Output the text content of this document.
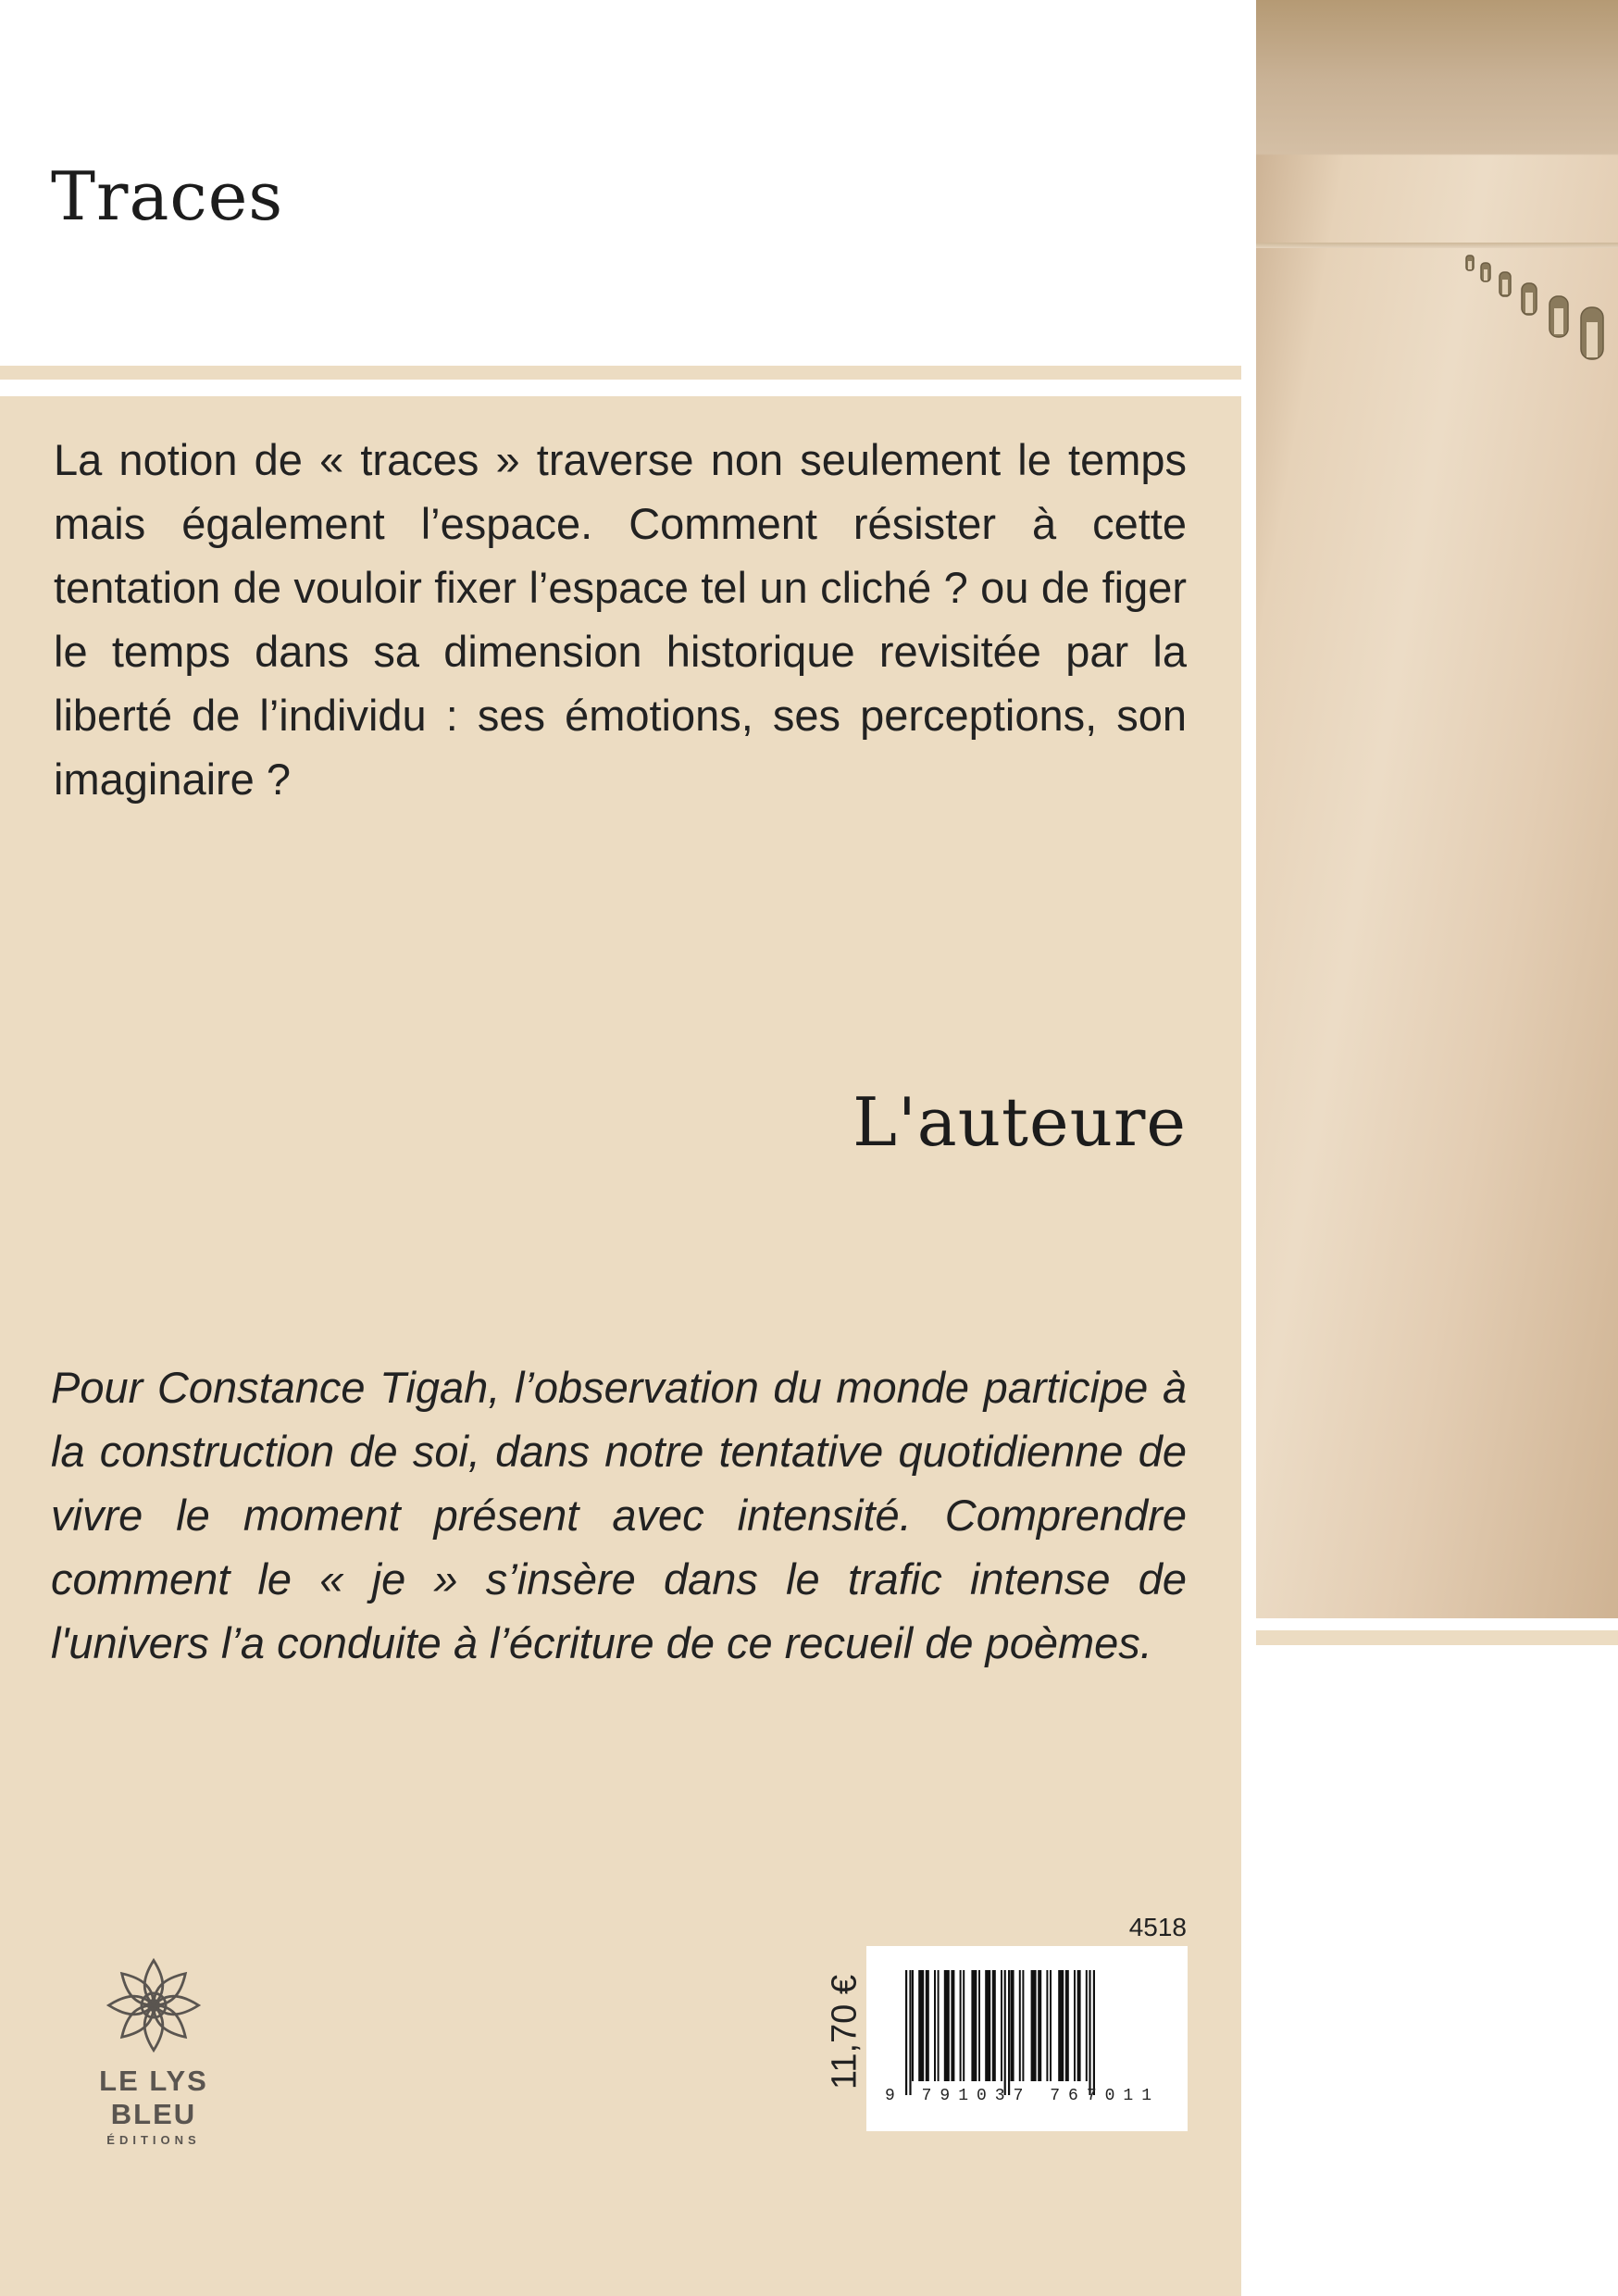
Traces

La notion de « traces » traverse non seulement le temps mais également l’espace. Comment résister à cette tentation de vouloir fixer l’espace tel un cliché ? ou de figer le temps dans sa dimension historique revisitée par la liberté de l’individu : ses émotions, ses perceptions, son imaginaire ?

L'auteure

Pour Constance Tigah, l’observation du monde participe à la construction de soi, dans notre tentative quotidienne de vivre le moment présent avec intensité. Comprendre comment le « je » s’insère dans le trafic intense de l'univers l’a conduite à l’écriture de ce recueil de poèmes.

LE LYS BLEU
ÉDITIONS
4518
11,70 €
9 791037 767011
